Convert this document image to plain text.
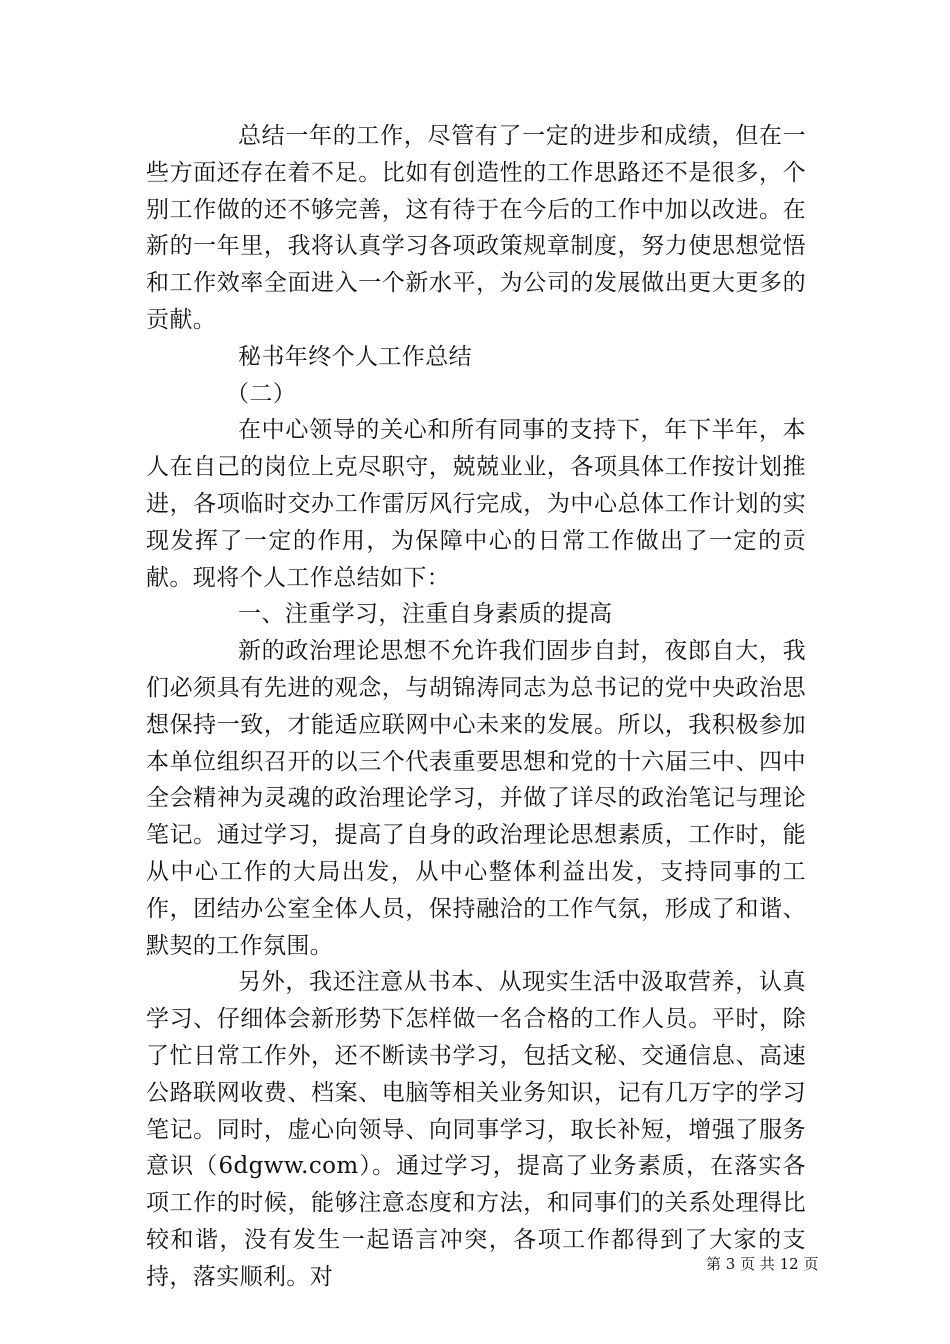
总结一年的工作，尽管有了一定的进步和成绩，但在一些方面还存在着不足。比如有创造性的工作思路还不是很多，个别工作做的还不够完善，这有待于在今后的工作中加以改进。在新的一年里，我将认真学习各项政策规章制度，努力使思想觉悟和工作效率全面进入一个新水平，为公司的发展做出更大更多的贡献。

秘书年终个人工作总结

（二）

在中心领导的关心和所有同事的支持下，年下半年，本人在自己的岗位上克尽职守，兢兢业业，各项具体工作按计划推进，各项临时交办工作雷厉风行完成，为中心总体工作计划的实现发挥了一定的作用，为保障中心的日常工作做出了一定的贡献。现将个人工作总结如下：

一、注重学习，注重自身素质的提高

新的政治理论思想不允许我们固步自封，夜郎自大，我们必须具有先进的观念，与胡锦涛同志为总书记的党中央政治思想保持一致，才能适应联网中心未来的发展。所以，我积极参加本单位组织召开的以三个代表重要思想和党的十六届三中、四中全会精神为灵魂的政治理论学习，并做了详尽的政治笔记与理论笔记。通过学习，提高了自身的政治理论思想素质，工作时，能从中心工作的大局出发，从中心整体利益出发，支持同事的工作，团结办公室全体人员，保持融洽的工作气氛，形成了和谐、默契的工作氛围。

另外，我还注意从书本、从现实生活中汲取营养，认真学习、仔细体会新形势下怎样做一名合格的工作人员。平时，除了忙日常工作外，还不断读书学习，包括文秘、交通信息、高速公路联网收费、档案、电脑等相关业务知识，记有几万字的学习笔记。同时，虚心向领导、向同事学习，取长补短，增强了服务意识（6dgww.com）。通过学习，提高了业务素质，在落实各项工作的时候，能够注意态度和方法，和同事们的关系处理得比较和谐，没有发生一起语言冲突，各项工作都得到了大家的支持，落实顺利。对	第 3 页 共 12 页
